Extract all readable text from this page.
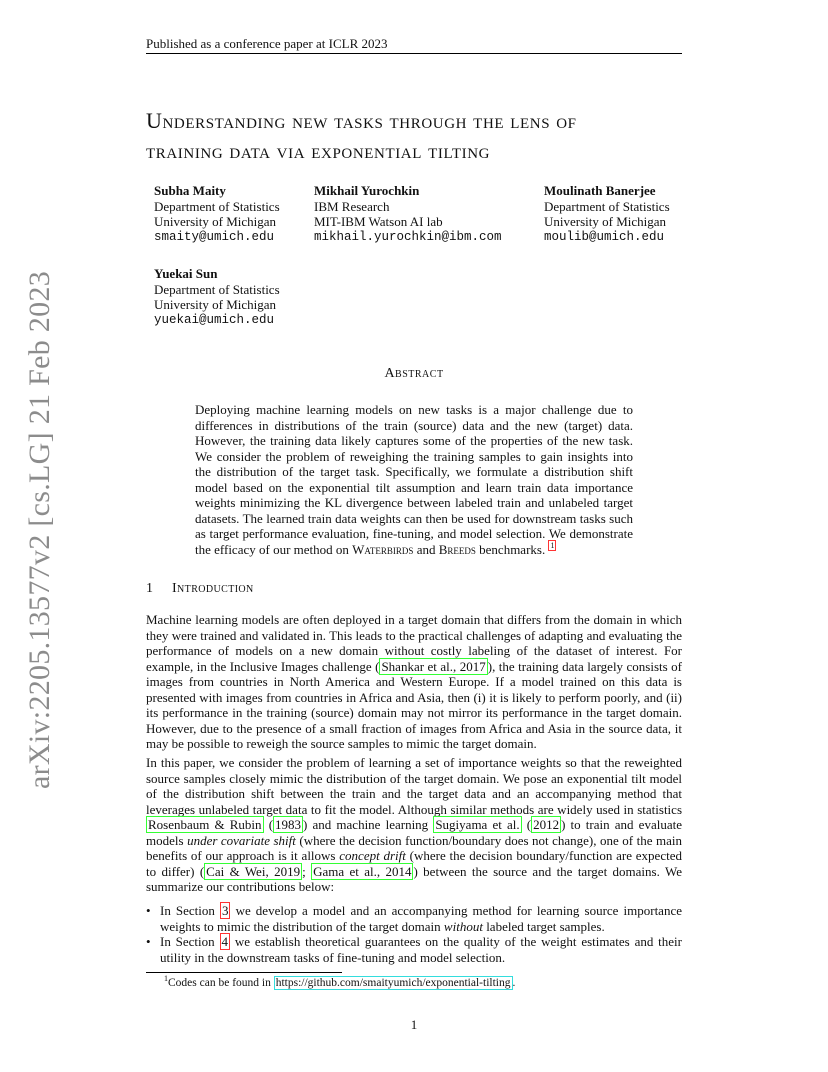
arXiv:2205.13577v2 [cs.LG] 21 Feb 2023
Published as a conference paper at ICLR 2023
Understanding new tasks through the lens of
training data via exponential tilting
Subha Maity
Department of Statistics
University of Michigan
smaity@umich.edu
Mikhail Yurochkin
IBM Research
MIT-IBM Watson AI lab
mikhail.yurochkin@ibm.com
Moulinath Banerjee
Department of Statistics
University of Michigan
moulib@umich.edu
Yuekai Sun
Department of Statistics
University of Michigan
yuekai@umich.edu
Abstract
Deploying machine learning models on new tasks is a major challenge due to differences in distributions of the train (source) data and the new (target) data. However, the training data likely captures some of the properties of the new task. We consider the problem of reweighing the training samples to gain insights into the distribution of the target task. Specifically, we formulate a distribution shift model based on the exponential tilt assumption and learn train data importance weights minimizing the KL divergence between labeled train and unlabeled target datasets. The learned train data weights can then be used for downstream tasks such as target performance evaluation, fine-tuning, and model selection. We demonstrate the efficacy of our method on Waterbirds and Breeds benchmarks. $^1$
1 Introduction
Machine learning models are often deployed in a target domain that differs from the domain in which they were trained and validated in. This leads to the practical challenges of adapting and evaluating the performance of models on a new domain without costly labeling of the dataset of interest. For example, in the Inclusive Images challenge ( Shankar et al., 2017 ), the training data largely consists of images from countries in North America and Western Europe. If a model trained on this data is presented with images from countries in Africa and Asia, then (i) it is likely to perform poorly, and (ii) its performance in the training (source) domain may not mirror its performance in the target domain. However, due to the presence of a small fraction of images from Africa and Asia in the source data, it may be possible to reweigh the source samples to mimic the target domain.
In this paper, we consider the problem of learning a set of importance weights so that the reweighted source samples closely mimic the distribution of the target domain. We pose an exponential tilt model of the distribution shift between the train and the target data and an accompanying method that leverages unlabeled target data to fit the model. Although similar methods are widely used in statistics Rosenbaum & Rubin ( 1983 ) and machine learning Sugiyama et al. ( 2012 ) to train and evaluate models under covariate shift (where the decision function/boundary does not change), one of the main benefits of our approach is it allows concept drift (where the decision boundary/function are expected to differ) ( Cai & Wei, 2019 ; Gama et al., 2014 ) between the source and the target domains. We summarize our contributions below:
• In Section 3 we develop a model and an accompanying method for learning source importance weights to mimic the distribution of the target domain without labeled target samples.
• In Section 4 we establish theoretical guarantees on the quality of the weight estimates and their utility in the downstream tasks of fine-tuning and model selection.
$^1$Codes can be found in https://github.com/smaityumich/exponential-tilting .
1
